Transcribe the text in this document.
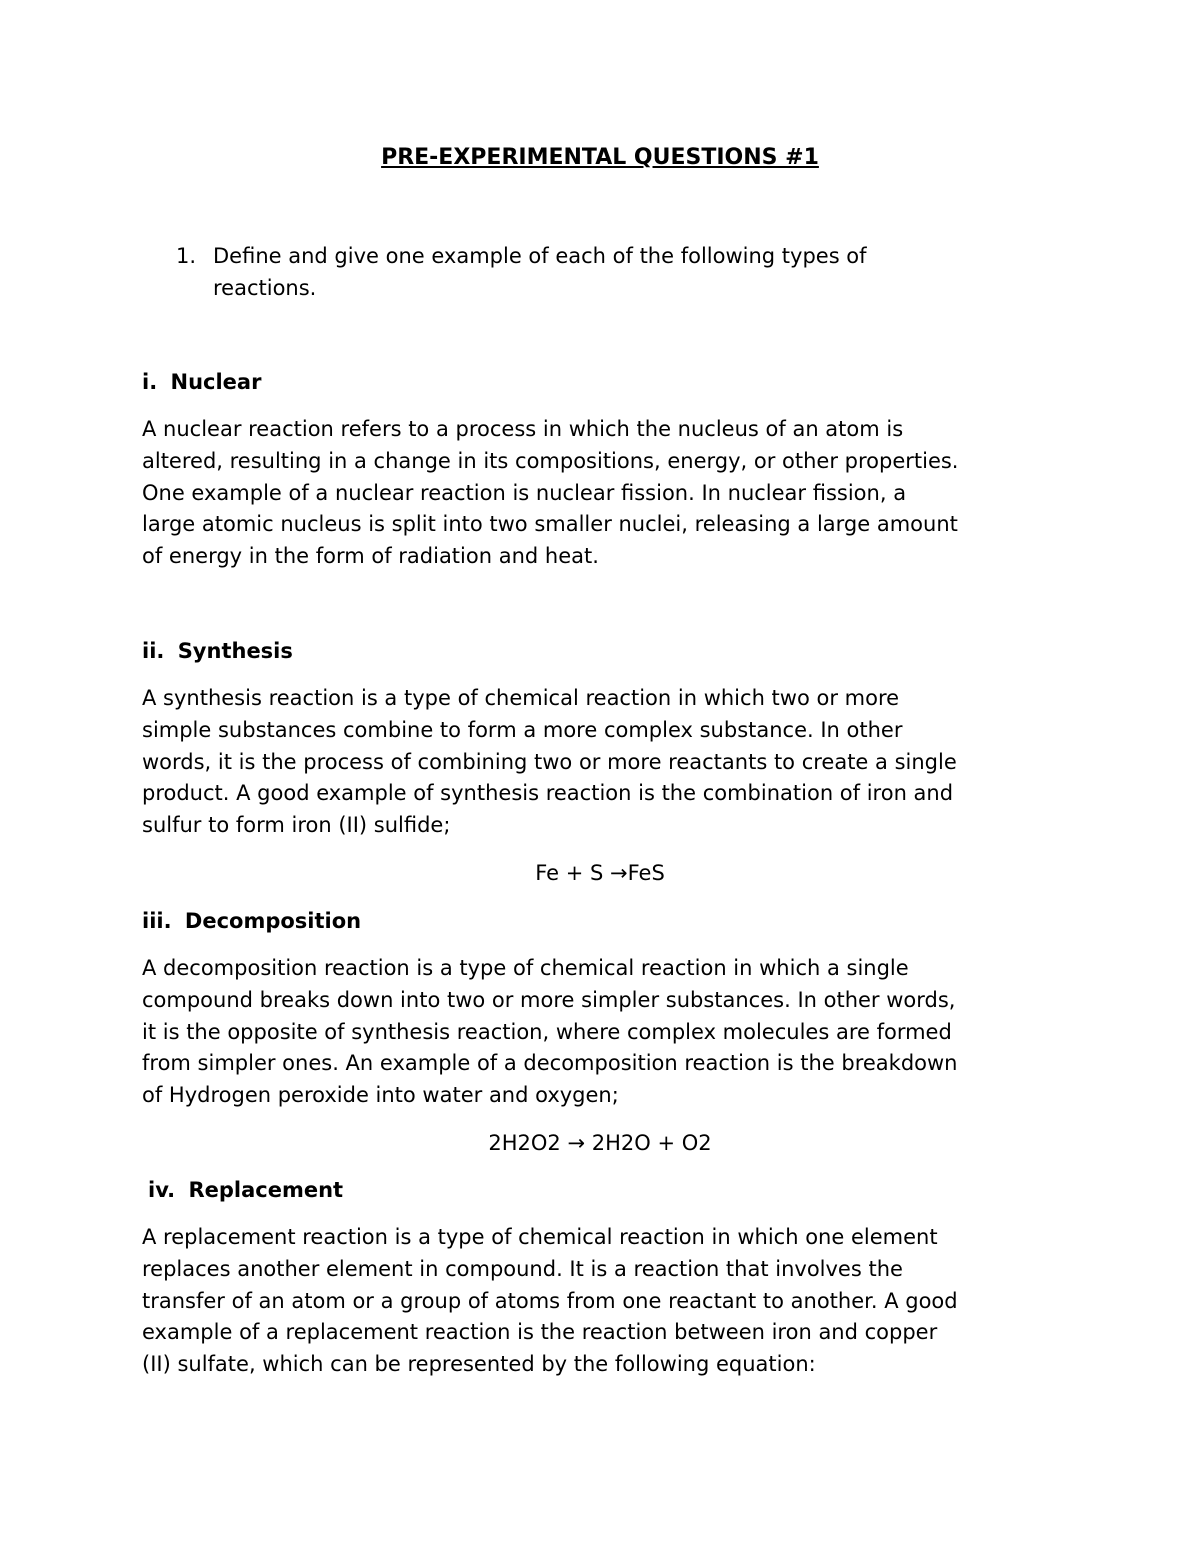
PRE-EXPERIMENTAL QUESTIONS #1
1. Define and give one example of each of the following types of
reactions.
i. Nuclear
A nuclear reaction refers to a process in which the nucleus of an atom is
altered, resulting in a change in its compositions, energy, or other properties.
One example of a nuclear reaction is nuclear fission. In nuclear fission, a
large atomic nucleus is split into two smaller nuclei, releasing a large amount
of energy in the form of radiation and heat.
ii. Synthesis
A synthesis reaction is a type of chemical reaction in which two or more
simple substances combine to form a more complex substance. In other
words, it is the process of combining two or more reactants to create a single
product. A good example of synthesis reaction is the combination of iron and
sulfur to form iron (II) sulfide;
Fe + S →FeS
iii. Decomposition
A decomposition reaction is a type of chemical reaction in which a single
compound breaks down into two or more simpler substances. In other words,
it is the opposite of synthesis reaction, where complex molecules are formed
from simpler ones. An example of a decomposition reaction is the breakdown
of Hydrogen peroxide into water and oxygen;
2H2O2 → 2H2O + O2
iv. Replacement
A replacement reaction is a type of chemical reaction in which one element
replaces another element in compound. It is a reaction that involves the
transfer of an atom or a group of atoms from one reactant to another. A good
example of a replacement reaction is the reaction between iron and copper
(II) sulfate, which can be represented by the following equation:
